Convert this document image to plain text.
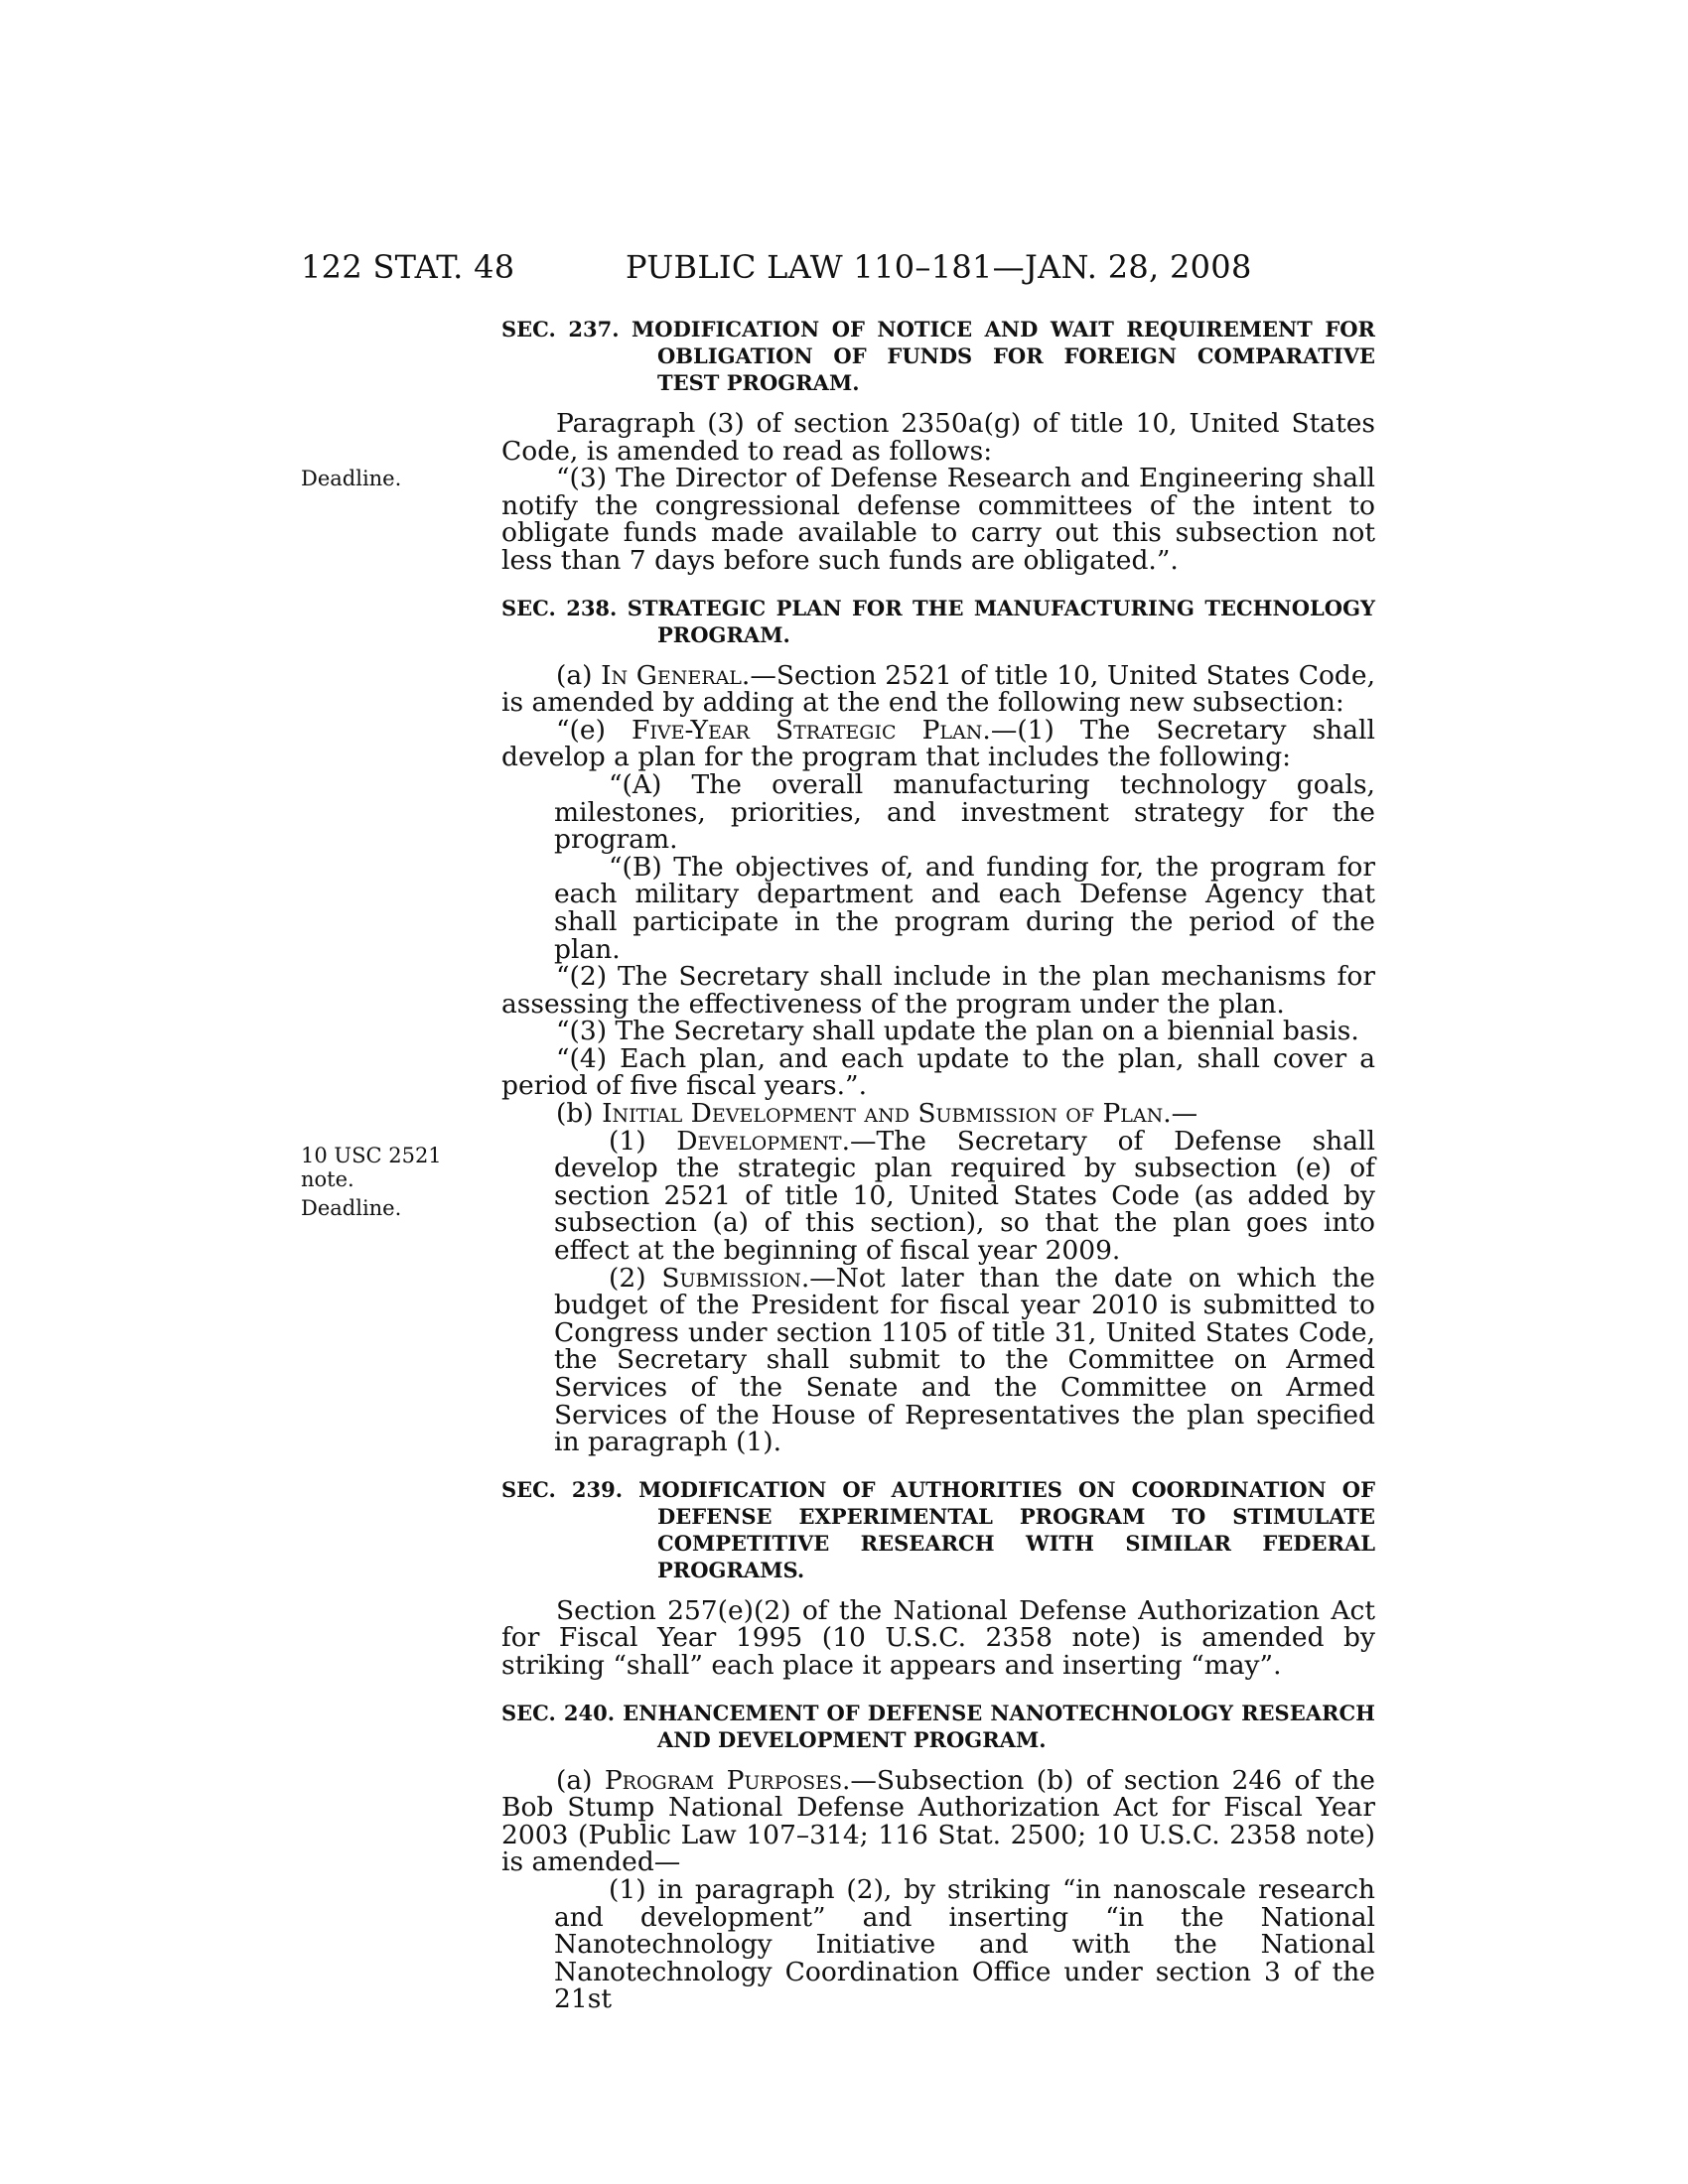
122 STAT. 48	PUBLIC LAW 110–181—JAN. 28, 2008
Deadline.
10 USC 2521
note.
Deadline.
SEC. 237. MODIFICATION OF NOTICE AND WAIT REQUIREMENT FOR OBLIGATION OF FUNDS FOR FOREIGN COMPARATIVE TEST PROGRAM.

Paragraph (3) of section 2350a(g) of title 10, United States Code, is amended to read as follows:

“(3) The Director of Defense Research and Engineering shall notify the congressional defense committees of the intent to obligate funds made available to carry out this subsection not less than 7 days before such funds are obligated.”.

SEC. 238. STRATEGIC PLAN FOR THE MANUFACTURING TECHNOLOGY PROGRAM.

(a) In General.—Section 2521 of title 10, United States Code, is amended by adding at the end the following new subsection:

“(e) Five-Year Strategic Plan.—(1) The Secretary shall develop a plan for the program that includes the following:

“(A) The overall manufacturing technology goals, milestones, priorities, and investment strategy for the program.

“(B) The objectives of, and funding for, the program for each military department and each Defense Agency that shall participate in the program during the period of the plan.

“(2) The Secretary shall include in the plan mechanisms for assessing the effectiveness of the program under the plan.

“(3) The Secretary shall update the plan on a biennial basis.

“(4) Each plan, and each update to the plan, shall cover a period of five fiscal years.”.

(b) Initial Development and Submission of Plan.—

(1) Development.—The Secretary of Defense shall develop the strategic plan required by subsection (e) of section 2521 of title 10, United States Code (as added by subsection (a) of this section), so that the plan goes into effect at the beginning of fiscal year 2009.

(2) Submission.—Not later than the date on which the budget of the President for fiscal year 2010 is submitted to Congress under section 1105 of title 31, United States Code, the Secretary shall submit to the Committee on Armed Services of the Senate and the Committee on Armed Services of the House of Representatives the plan specified in paragraph (1).

SEC. 239. MODIFICATION OF AUTHORITIES ON COORDINATION OF DEFENSE EXPERIMENTAL PROGRAM TO STIMULATE COMPETITIVE RESEARCH WITH SIMILAR FEDERAL PROGRAMS.

Section 257(e)(2) of the National Defense Authorization Act for Fiscal Year 1995 (10 U.S.C. 2358 note) is amended by striking “shall” each place it appears and inserting “may”.

SEC. 240. ENHANCEMENT OF DEFENSE NANOTECHNOLOGY RESEARCH AND DEVELOPMENT PROGRAM.

(a) Program Purposes.—Subsection (b) of section 246 of the Bob Stump National Defense Authorization Act for Fiscal Year 2003 (Public Law 107–314; 116 Stat. 2500; 10 U.S.C. 2358 note) is amended—

(1) in paragraph (2), by striking “in nanoscale research and development” and inserting “in the National Nanotechnology Initiative and with the National Nanotechnology Coordination Office under section 3 of the 21st
